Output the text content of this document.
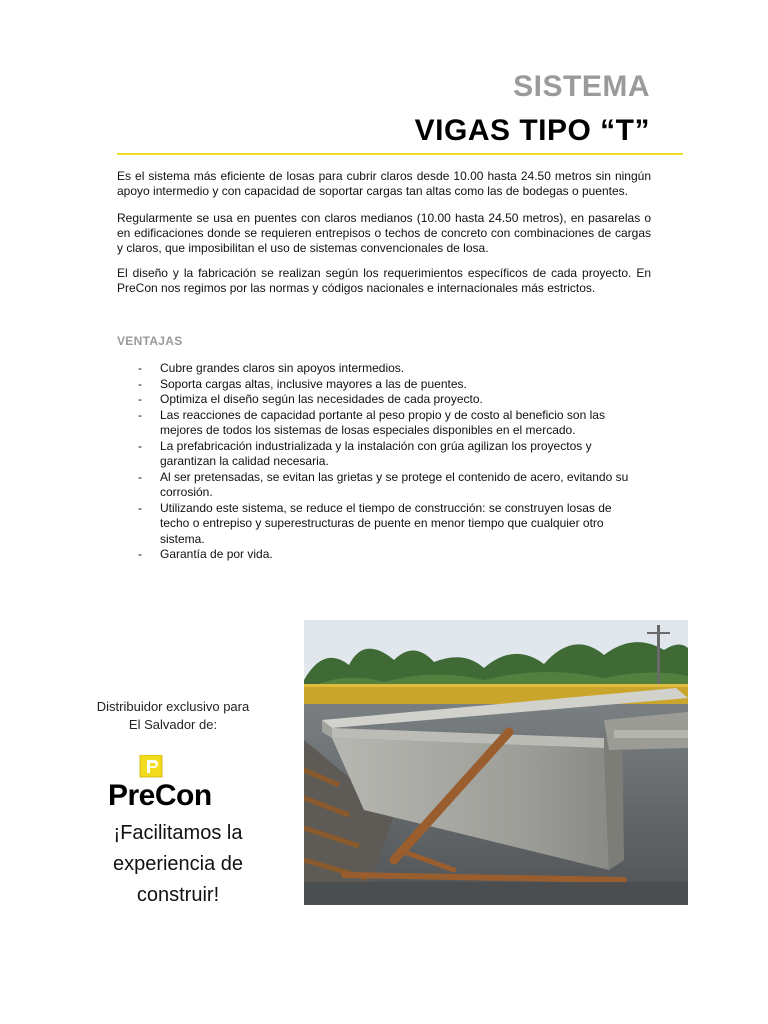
SISTEMA
VIGAS TIPO “T”

Es el sistema más eficiente de losas para cubrir claros desde 10.00 hasta 24.50 metros sin ningún apoyo intermedio y con capacidad de soportar cargas tan altas como las de bodegas o puentes.

Regularmente se usa en puentes con claros medianos (10.00 hasta 24.50 metros), en pasarelas o en edificaciones donde se requieren entrepisos o techos de concreto con combinaciones de cargas y claros, que imposibilitan el uso de sistemas convencionales de losa.

El diseño y la fabricación se realizan según los requerimientos específicos de cada proyecto. En PreCon nos regimos por las normas y códigos nacionales e internacionales más estrictos.

VENTAJAS
- Cubre grandes claros sin apoyos intermedios.
- Soporta cargas altas, inclusive mayores a las de puentes.
- Optimiza el diseño según las necesidades de cada proyecto.
- Las reacciones de capacidad portante al peso propio y de costo al beneficio son las mejores de todos los sistemas de losas especiales disponibles en el mercado.
- La prefabricación industrializada y la instalación con grúa agilizan los proyectos y garantizan la calidad necesaria.
- Al ser pretensadas, se evitan las grietas y se protege el contenido de acero, evitando su corrosión.
- Utilizando este sistema, se reduce el tiempo de construcción: se construyen losas de techo o entrepiso y superestructuras de puente en menor tiempo que cualquier otro sistema.
- Garantía de por vida.
Distribuidor exclusivo para
El Salvador de:
PreCon
¡Facilitamos la
experiencia de
construir!
